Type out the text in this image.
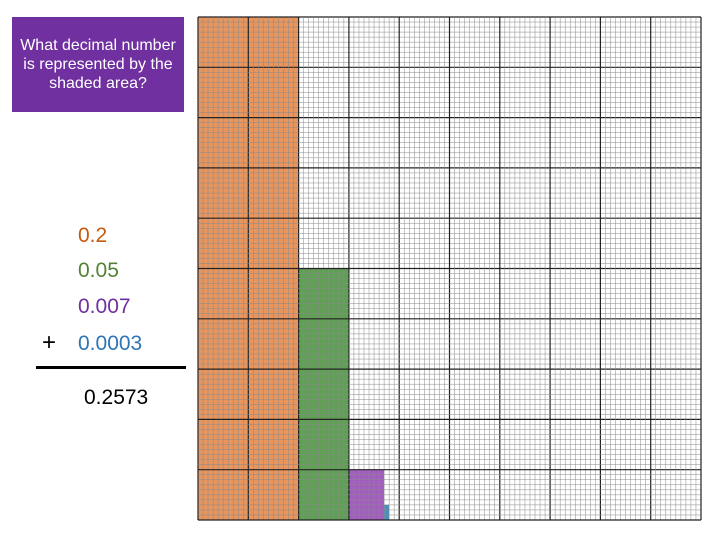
What decimal number is represented by the shaded area?
0.2
0.05
0.007
0.0003
+
0.2573
